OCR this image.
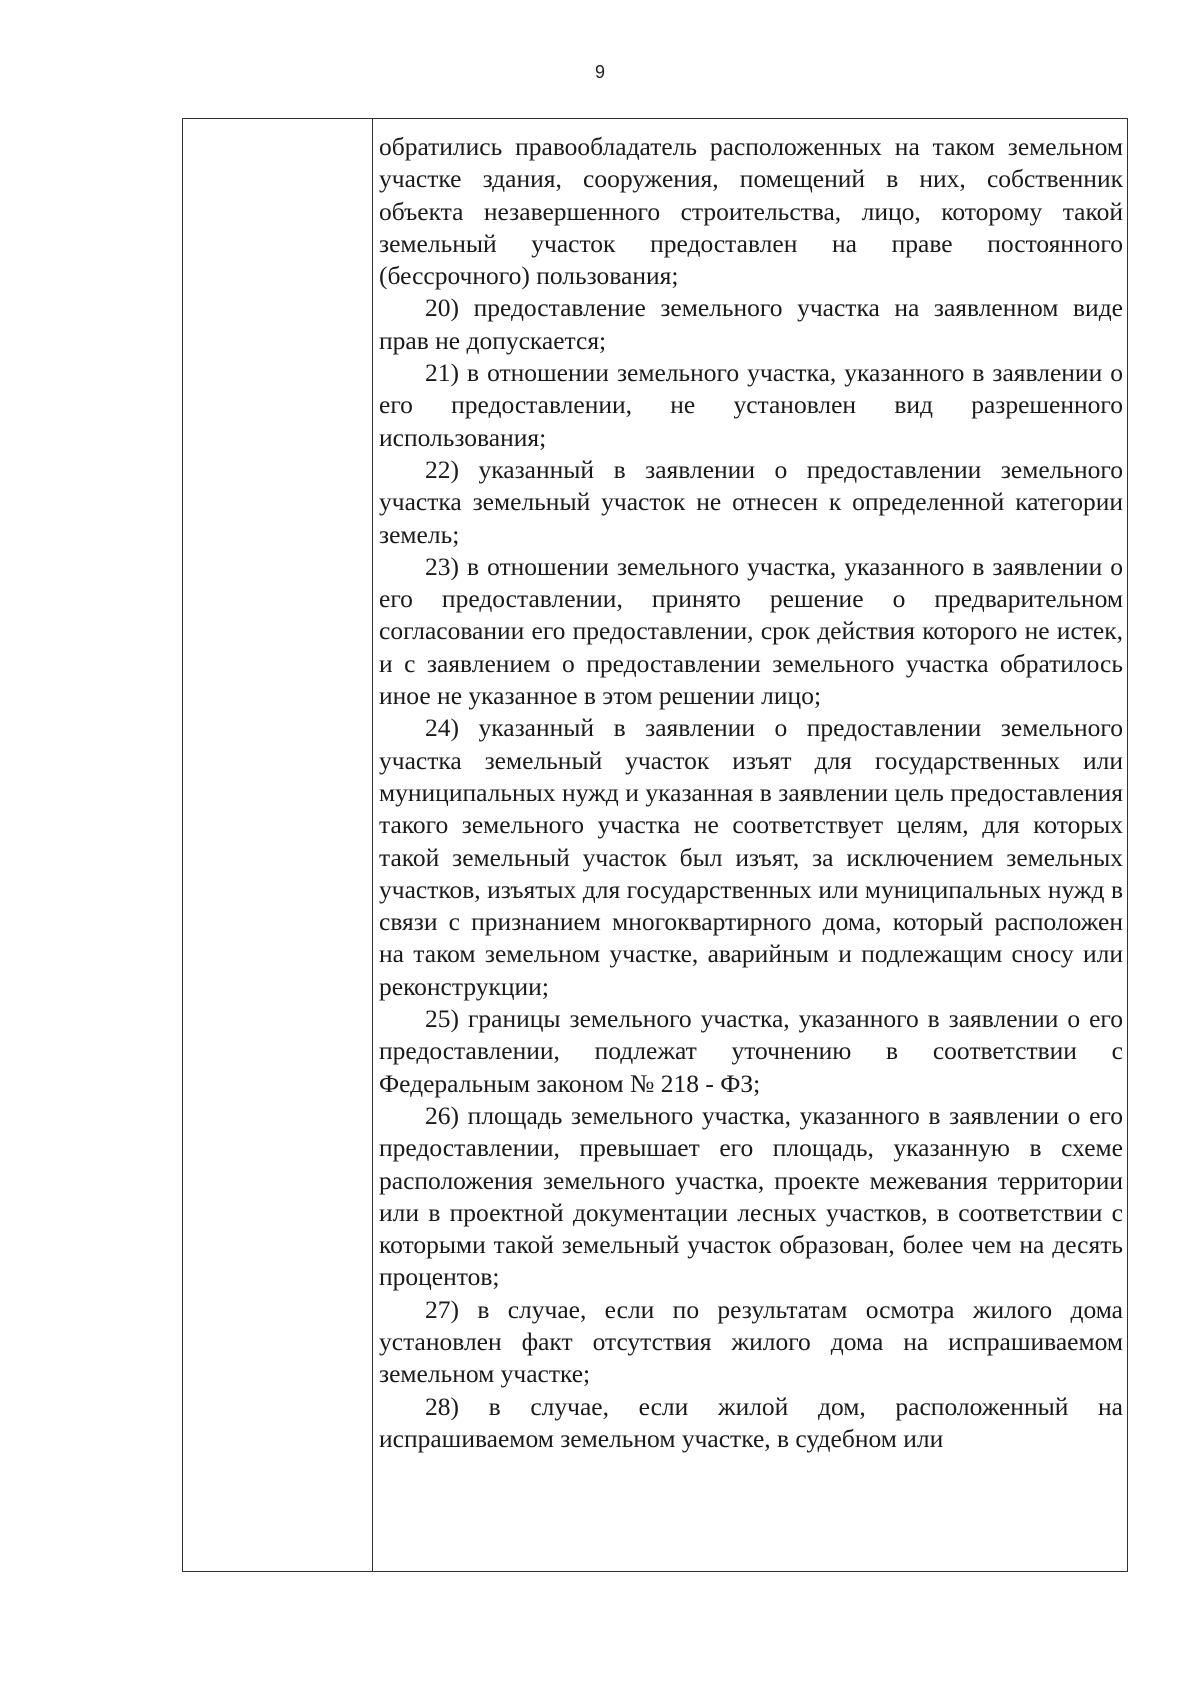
9

обратились правообладатель расположенных на таком земельном участке здания, сооружения, помещений в них, собственник объекта незавершенного строительства, лицо, которому такой земельный участок предоставлен на праве постоянного (бессрочного) пользования;

20) предоставление земельного участка на заявленном виде прав не допускается;

21) в отношении земельного участка, указанного в заявлении о его предоставлении, не установлен вид разрешенного использования;

22) указанный в заявлении о предоставлении земельного участка земельный участок не отнесен к определенной категории земель;

23) в отношении земельного участка, указанного в заявлении о его предоставлении, принято решение о предварительном согласовании его предоставлении, срок действия которого не истек, и с заявлением о предоставлении земельного участка обратилось иное не указанное в этом решении лицо;

24) указанный в заявлении о предоставлении земельного участка земельный участок изъят для государственных или муниципальных нужд и указанная в заявлении цель предоставления такого земельного участка не соответствует целям, для которых такой земельный участок был изъят, за исключением земельных участков, изъятых для государственных или муниципальных нужд в связи с признанием многоквартирного дома, который расположен на таком земельном участке, аварийным и подлежащим сносу или реконструкции;

25) границы земельного участка, указанного в заявлении о его предоставлении, подлежат уточнению в соответствии с Федеральным законом № 218 - ФЗ;

26) площадь земельного участка, указанного в заявлении о его предоставлении, превышает его площадь, указанную в схеме расположения земельного участка, проекте межевания территории или в проектной документации лесных участков, в соответствии с которыми такой земельный участок образован, более чем на десять процентов;

27) в случае, если по результатам осмотра жилого дома установлен факт отсутствия жилого дома на испрашиваемом земельном участке;

28) в случае, если жилой дом, расположенный на испрашиваемом земельном участке, в судебном или
